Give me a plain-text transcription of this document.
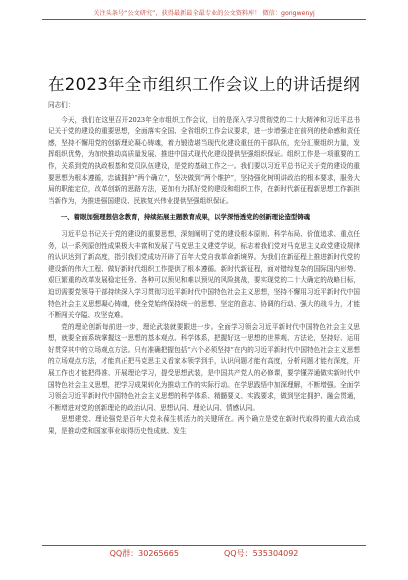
关注头条号“公文研究”，获得最新最全最专业的公文资料库！ 微信：gongwenyj
在2023年全市组织工作会议上的讲话提纲

同志们：

今天，我们在这里召开2023年全市组织工作会议，目的是深入学习贯彻党的二十大精神和习近平总书记关于党的建设的重要思想，全面落实全国、全省组织工作会议要求，进一步增强走在前列的使命感和责任感，坚持不懈用党的创新理论凝心铸魂，着力锻造堪当现代化建设重任的干部队伍，充分汇聚组织力量，发挥组织优势，为加快推动高质量发展、推进中国式现代化建设提供坚强组织保证。组织工作是一项重要的工作，关系到党的执政根基和党员队伍建设，是党的基础工作之一。我们要以习近平总书记关于党的建设的重要思想为根本遵循，忠诚拥护“两个确立”，坚决做到“两个维护”，坚持强化树明讲政治的根本要求，服务大局的职能定位，改革创新的思路方法，更加有力抓好党的建设和组织工作，在新时代新征程新思想工作新担当新作为，为推进强国建设、民族复兴伟业提供坚强组织保证。

一、着眼加强理想信念教育，持续拓展主题教育成果，以学深悟透党的创新理论造型铸魂

习近平总书记关于党的建设的重要思想，深刻阐明了党的建设根本原则、科学布局、价值追求、重点任务，以一系列原创性成果极大丰富和发展了马克思主义建党学说，标志着我们党对马克思主义政党建设规律的认识达到了新高度，指引我们党成功开辟了百年大党自我革命新境界。为我们在新征程上推进新时代党的建设新的伟大工程、做好新时代组织工作提供了根本遵循。新时代新征程，面对错综复杂的国际国内形势、艰巨繁重的改革发展稳定任务、各种可以预见和难以预见的风险挑战，要实现党的二十大确定的战略目标，迫切需要党领导干部持续深入学习贯彻习近平新时代中国特色社会主义思想，坚持不懈用习近平新时代中国特色社会主义思想凝心铸魂，使全党始终保持统一的思想、坚定的意志、协调的行动、强大的战斗力，才能不断闯关夺隘、攻坚克难。

党的理论创新每前进一步，理论武装就要跟进一步。全面学习领会习近平新时代中国特色社会主义思想，就要全面系统掌握这一思想的基本观点、科学体系，把握好这一思想的世界观、方法论，坚持好、运用好贯穿其中的立场观点方法。只有准确把握包括“六个必须坚持”在内的习近平新时代中国特色社会主义思想的立场观点方法，才能真正把马克思主义看家本领学到手，认识问题才能有高度，分析问题才能有深度，开展工作也才能把得准、开展理论学习，提受思想武装，是中国共产党人的必修课，要学懂弄通做实新时代中国特色社会主义思想，把学习成果转化为推动工作的实际行动。在学思践悟中加深理解，不断增强。全面学习领会习近平新时代中国特色社会主义思想的科学体系、精髓要义、实践要求，做到坚定拥护、融会贯通，不断增进对党的创新理论的政治认同、思想认同、理论认同、情感认同。

思想建党、理论强党是百年大党永葆生机活力的关键所在。两个确立是党在新时代取得的重大政治成果，是推动党和国家事业取得历史性成就、发生

QQ群：30265665	QQ号：535304092
